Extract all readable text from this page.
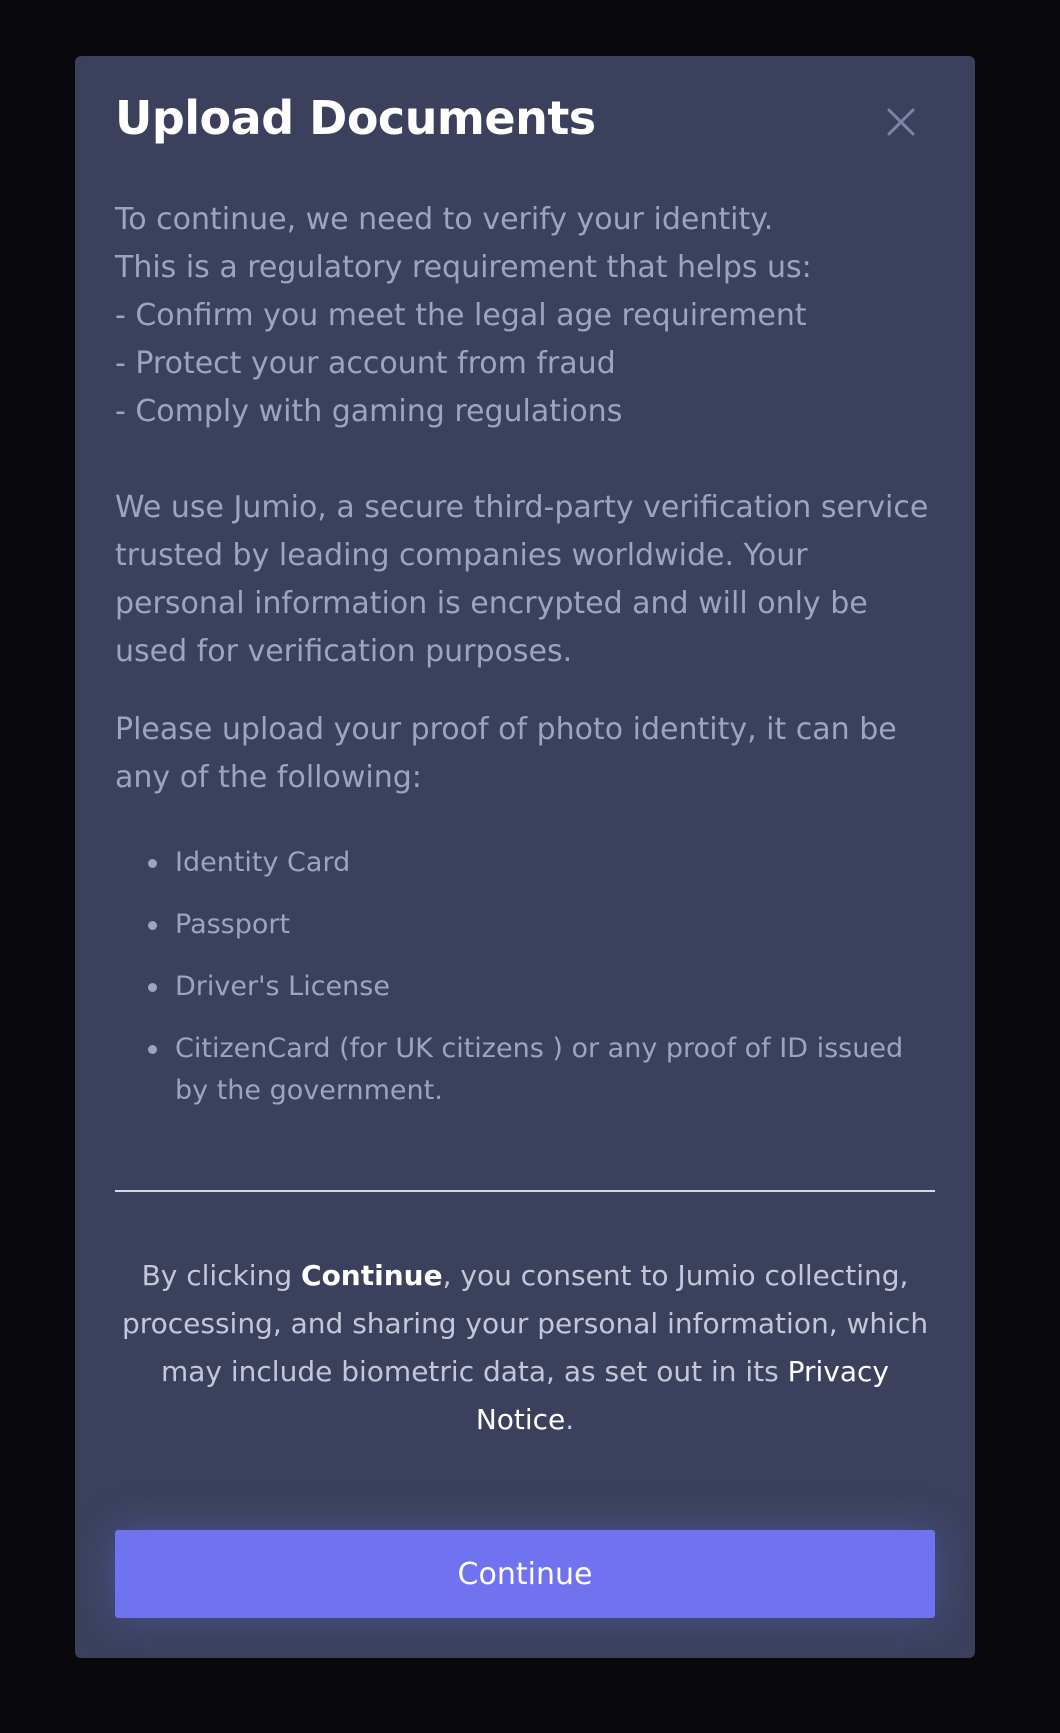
Upload Documents
To continue, we need to verify your identity.
This is a regulatory requirement that helps us:
- Confirm you meet the legal age requirement
- Protect your account from fraud
- Comply with gaming regulations

We use Jumio, a secure third-party verification service trusted by leading companies worldwide. Your personal information is encrypted and will only be used for verification purposes.

Please upload your proof of photo identity, it can be any of the following:

Identity Card
Passport
Driver's License
CitizenCard (for UK citizens ) or any proof of ID issued by the government.
By clicking Continue, you consent to Jumio collecting, processing, and sharing your personal information, which may include biometric data, as set out in its Privacy Notice.
Continue
